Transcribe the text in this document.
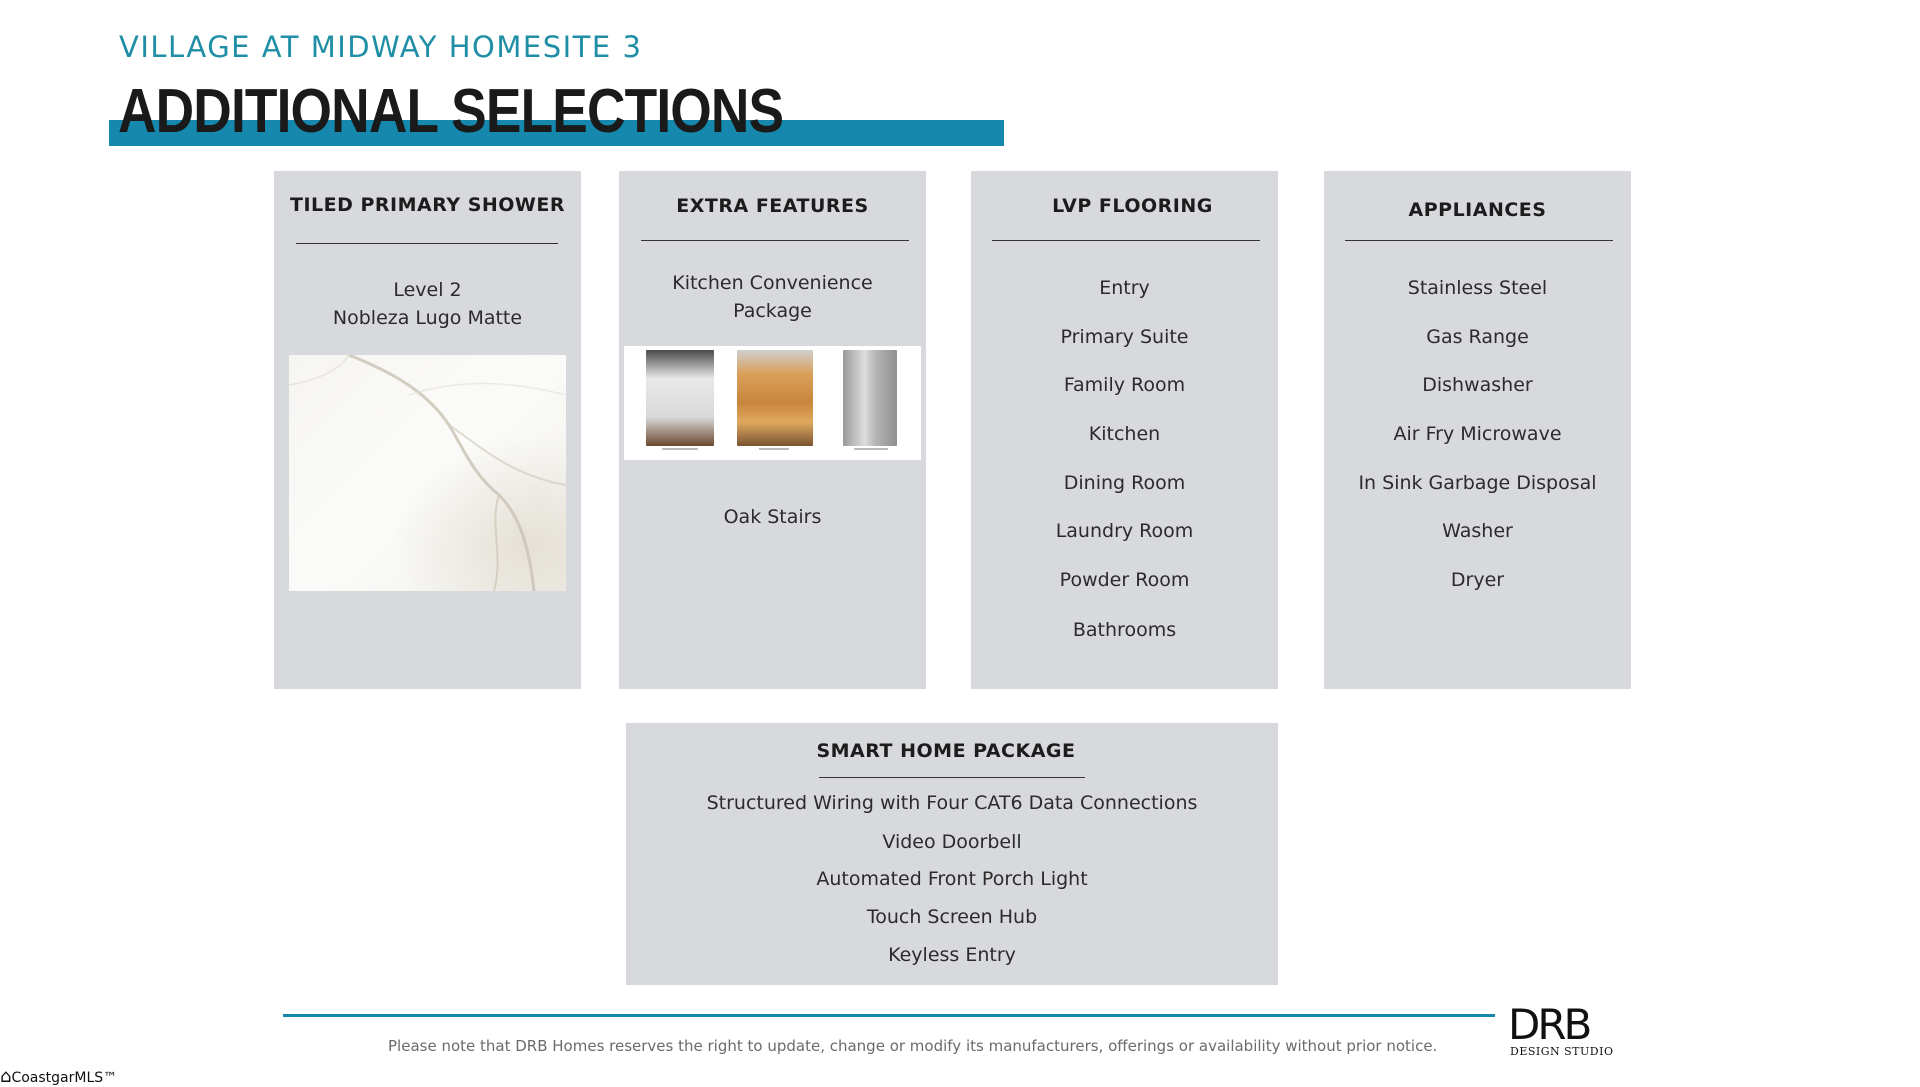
VILLAGE AT MIDWAY HOMESITE 3
ADDITIONAL SELECTIONS
TILED PRIMARY SHOWER
Level 2
Nobleza Lugo Matte
EXTRA FEATURES
Kitchen Convenience
Package
Oak Stairs
LVP FLOORING
Entry
Primary Suite
Family Room
Kitchen
Dining Room
Laundry Room
Powder Room
Bathrooms
APPLIANCES
Stainless Steel
Gas Range
Dishwasher
Air Fry Microwave
In Sink Garbage Disposal
Washer
Dryer
SMART HOME PACKAGE
Structured Wiring with Four CAT6 Data Connections
Video Doorbell
Automated Front Porch Light
Touch Screen Hub
Keyless Entry
Please note that DRB Homes reserves the right to update, change or modify its manufacturers, offerings or availability without prior notice. DRB
DESIGN STUDIO
⌂CoastgarMLS™
